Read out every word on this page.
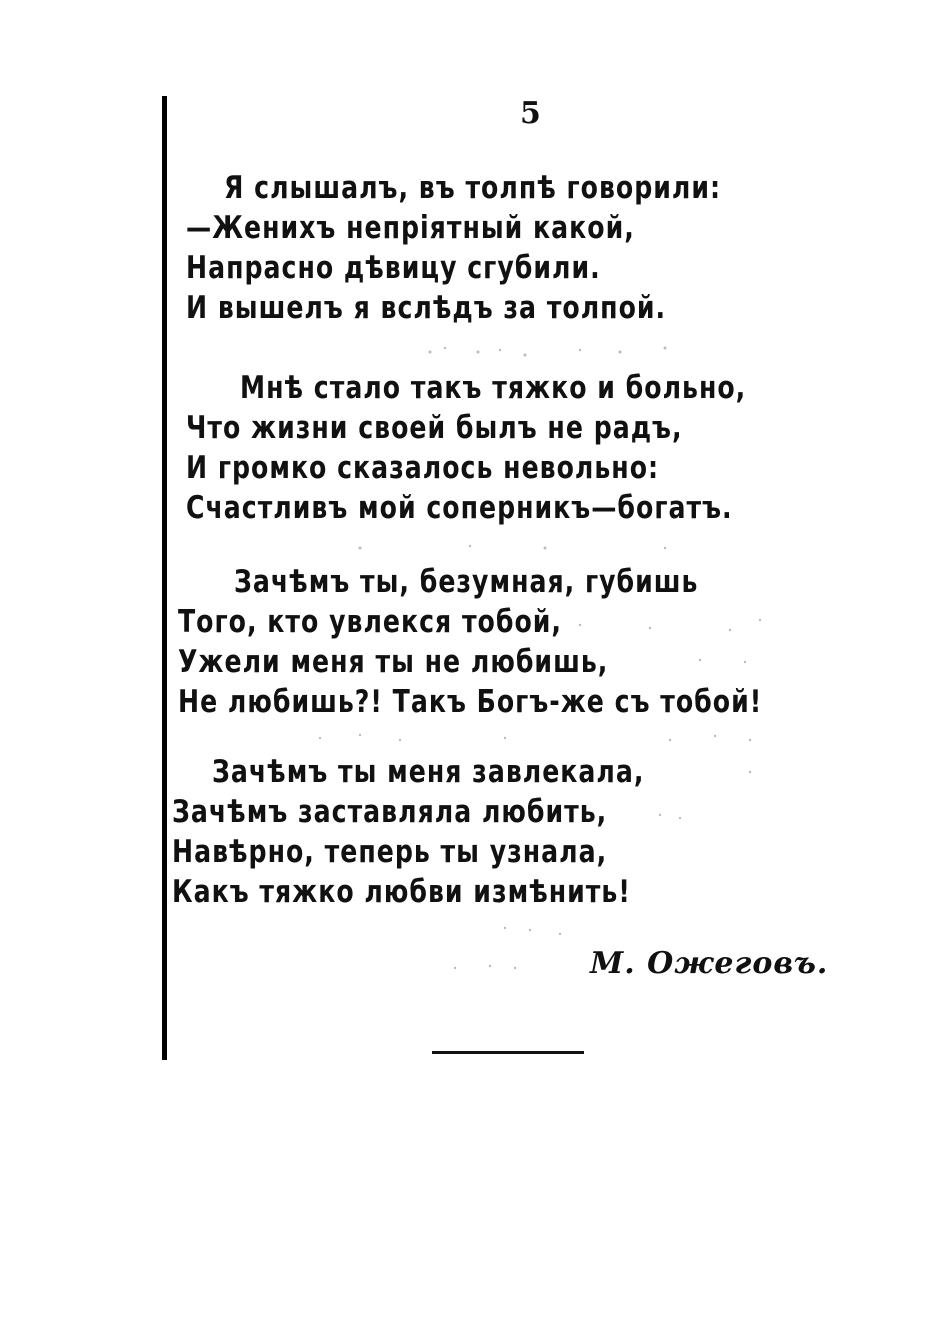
5
Я слышалъ, въ толпѣ говорили:
—Женихъ непріятный какой,
Напрасно дѣвицу сгубили.
И вышелъ я вслѣдъ за толпой.
Мнѣ стало такъ тяжко и больно,
Что жизни своей былъ не радъ,
И громко сказалось невольно:
Счастливъ мой соперникъ—богатъ.
Зачѣмъ ты, безумная, губишь
Того, кто увлекся тобой,
Ужели меня ты не любишь,
Не любишь?! Такъ Богъ-же съ тобой!
Зачѣмъ ты меня завлекала,
Зачѣмъ заставляла любить,
Навѣрно, теперь ты узнала,
Какъ тяжко любви измѣнить!
М. Ожеговъ.
